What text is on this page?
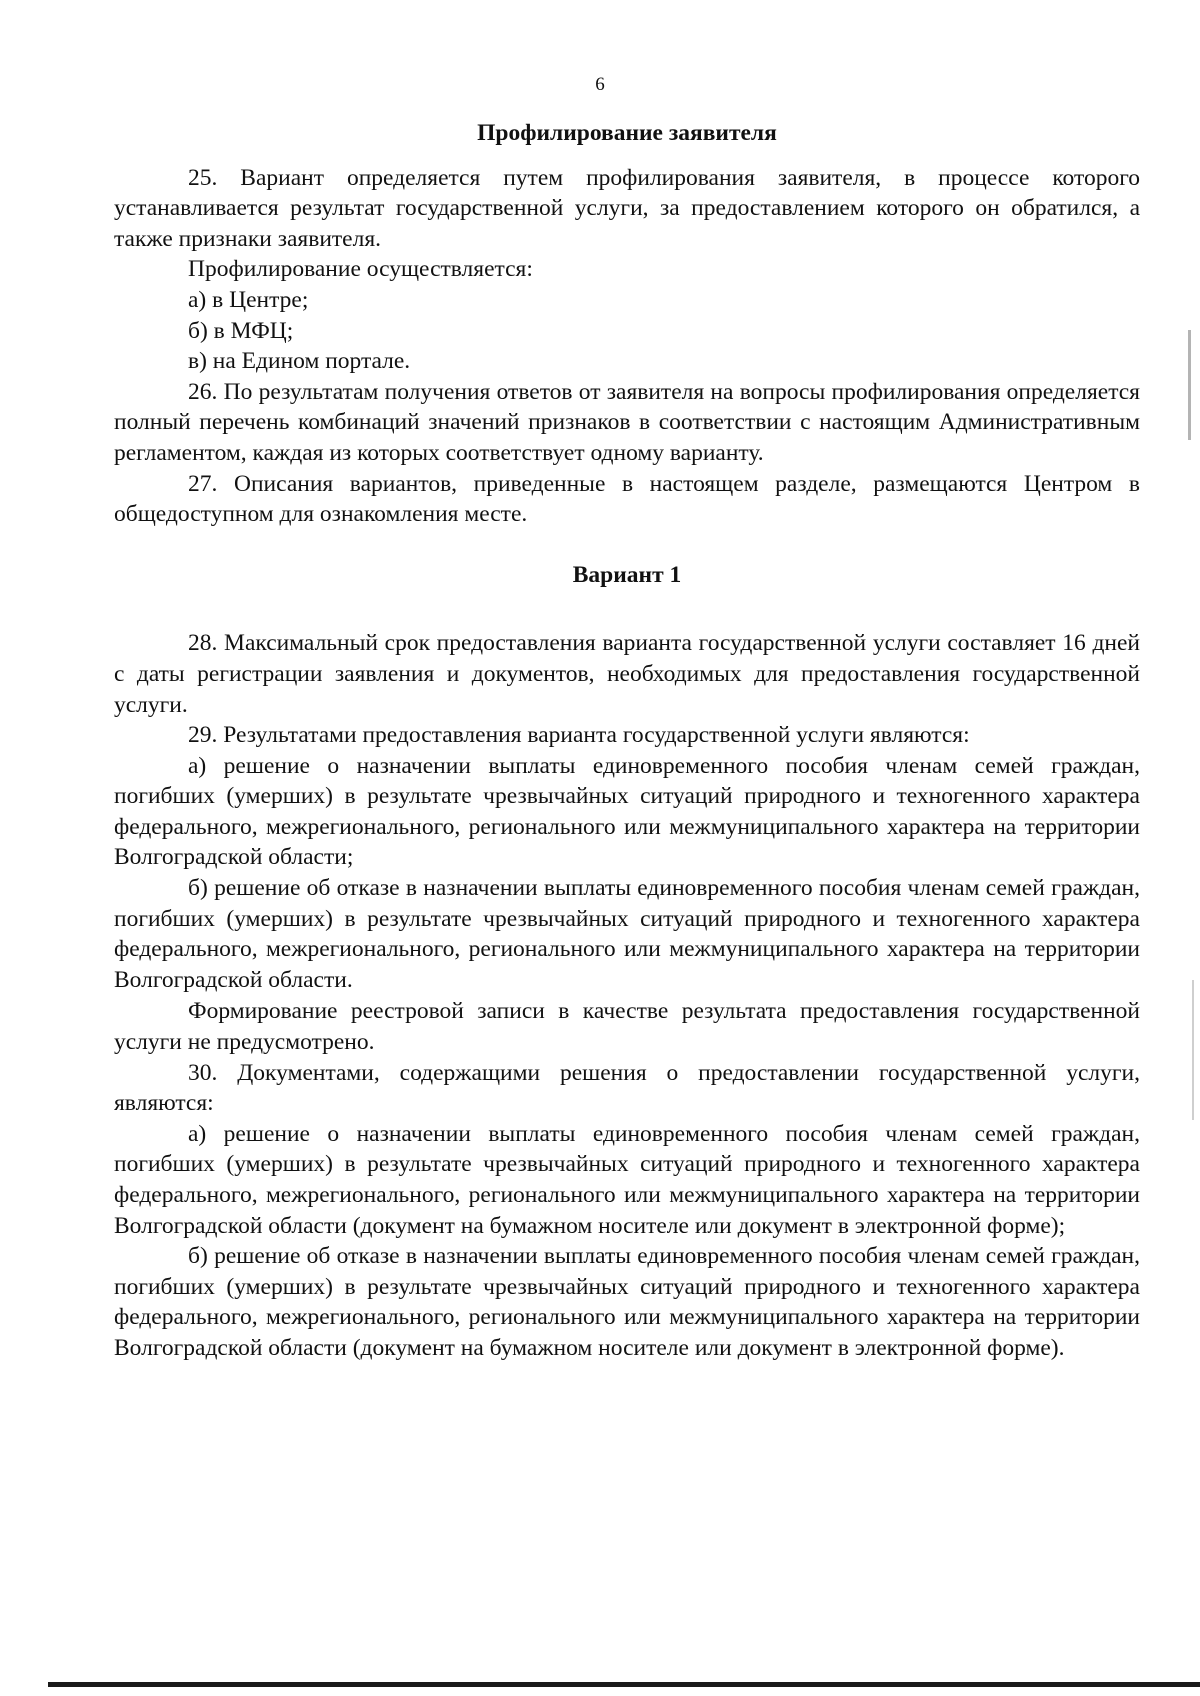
6
Профилирование заявителя

25. Вариант определяется путем профилирования заявителя, в процессе которого устанавливается результат государственной услуги, за предоставлением которого он обратился, а также признаки заявителя.

Профилирование осуществляется:

а) в Центре;

б) в МФЦ;

в) на Едином портале.

26. По результатам получения ответов от заявителя на вопросы профилирования определяется полный перечень комбинаций значений признаков в соответствии с настоящим Административным регламентом, каждая из которых соответствует одному варианту.

27. Описания вариантов, приведенные в настоящем разделе, размещаются Центром в общедоступном для ознакомления месте.

Вариант 1

28. Максимальный срок предоставления варианта государственной услуги составляет 16 дней с даты регистрации заявления и документов, необходимых для предоставления государственной услуги.

29. Результатами предоставления варианта государственной услуги являются:

а) решение о назначении выплаты единовременного пособия членам семей граждан, погибших (умерших) в результате чрезвычайных ситуаций природного и техногенного характера федерального, межрегионального, регионального или межмуниципального характера на территории Волгоградской области;

б) решение об отказе в назначении выплаты единовременного пособия членам семей граждан, погибших (умерших) в результате чрезвычайных ситуаций природного и техногенного характера федерального, межрегионального, регионального или межмуниципального характера на территории Волгоградской области.

Формирование реестровой записи в качестве результата предоставления государственной услуги не предусмотрено.

30. Документами, содержащими решения о предоставлении государственной услуги, являются:

а) решение о назначении выплаты единовременного пособия членам семей граждан, погибших (умерших) в результате чрезвычайных ситуаций природного и техногенного характера федерального, межрегионального, регионального или межмуниципального характера на территории Волгоградской области (документ на бумажном носителе или документ в электронной форме);

б) решение об отказе в назначении выплаты единовременного пособия членам семей граждан, погибших (умерших) в результате чрезвычайных ситуаций природного и техногенного характера федерального, межрегионального, регионального или межмуниципального характера на территории Волгоградской области (документ на бумажном носителе или документ в электронной форме).
